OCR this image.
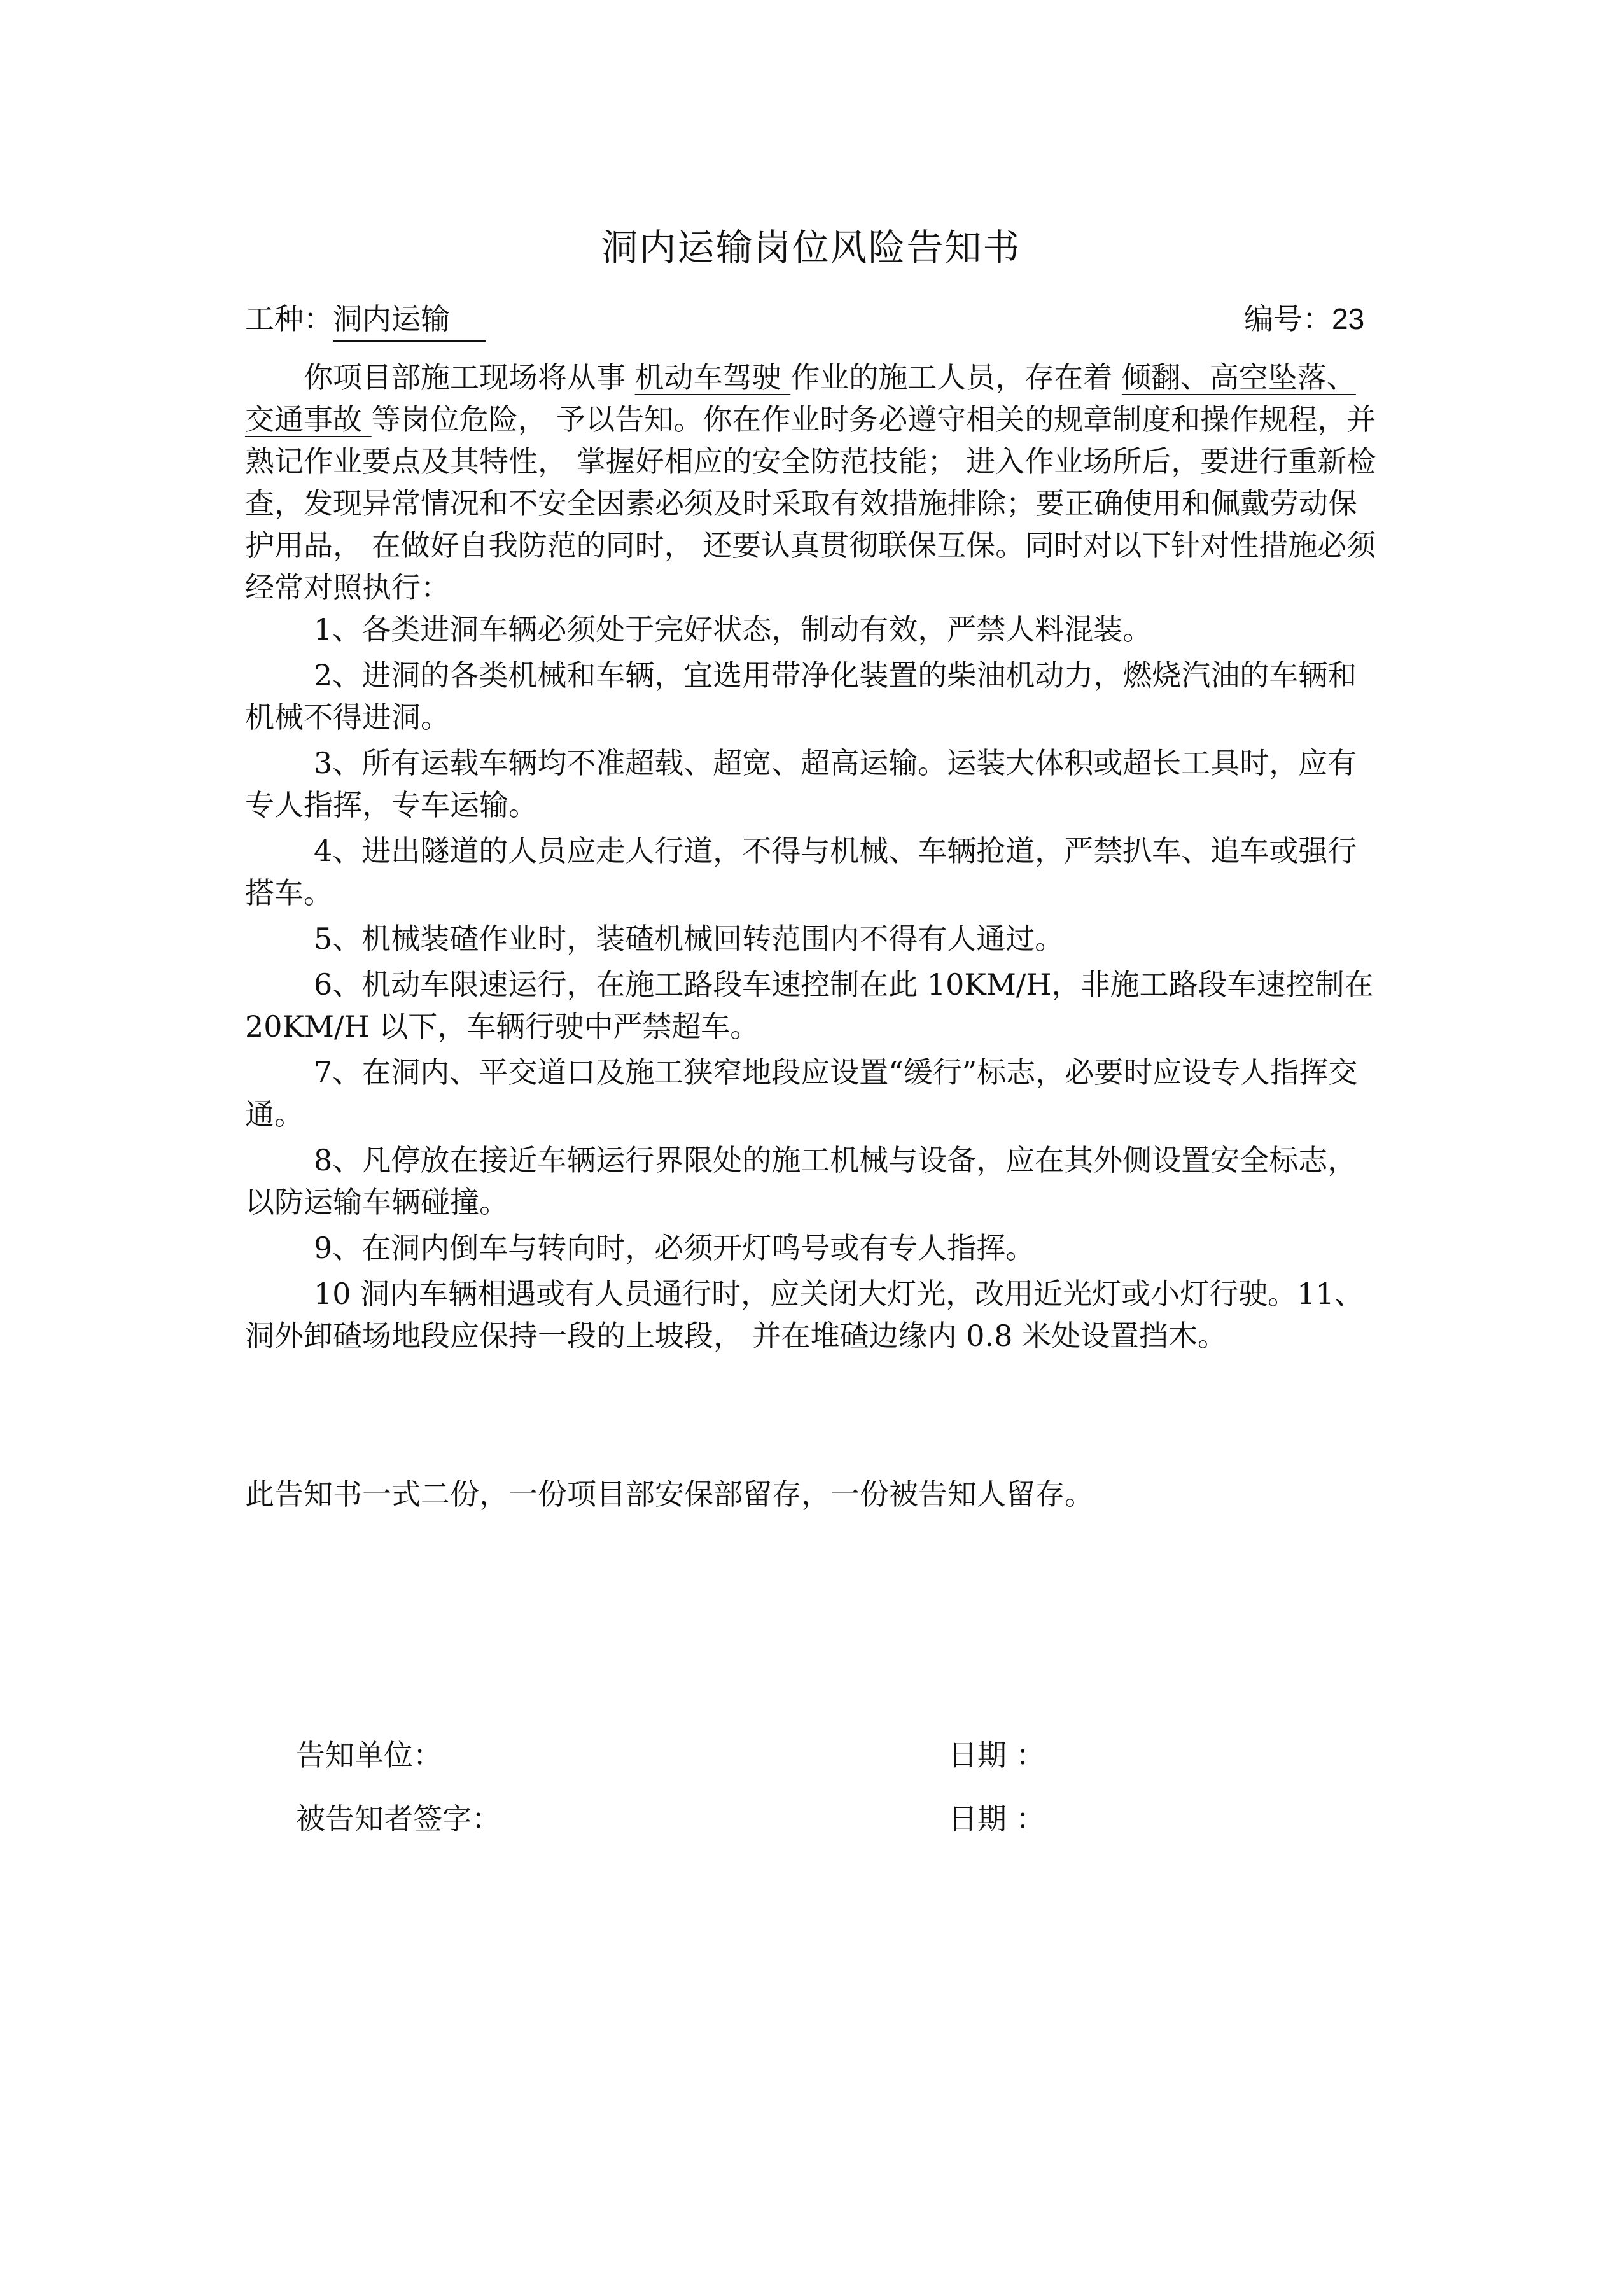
洞内运输岗位风险告知书
工种：洞内运输	编号：23

你项目部施工现场将从事 机动车驾驶 作业的施工人员，存在着 倾翻、高空坠落、交通事故 等岗位危险， 予以告知。你在作业时务必遵守相关的规章制度和操作规程，并熟记作业要点及其特性， 掌握好相应的安全防范技能； 进入作业场所后，要进行重新检查，发现异常情况和不安全因素必须及时采取有效措施排除；要正确使用和佩戴劳动保护用品， 在做好自我防范的同时， 还要认真贯彻联保互保。同时对以下针对性措施必须经常对照执行：

1、各类进洞车辆必须处于完好状态，制动有效，严禁人料混装。

2、进洞的各类机械和车辆，宜选用带净化装置的柴油机动力，燃烧汽油的车辆和机械不得进洞。

3、所有运载车辆均不准超载、超宽、超高运输。运装大体积或超长工具时，应有专人指挥，专车运输。

4、进出隧道的人员应走人行道，不得与机械、车辆抢道，严禁扒车、追车或强行搭车。

5、机械装碴作业时，装碴机械回转范围内不得有人通过。

6、机动车限速运行，在施工路段车速控制在此 10KM/H，非施工路段车速控制在 20KM/H 以下，车辆行驶中严禁超车。

7、在洞内、平交道口及施工狭窄地段应设置“缓行”标志，必要时应设专人指挥交通。

8、凡停放在接近车辆运行界限处的施工机械与设备，应在其外侧设置安全标志，以防运输车辆碰撞。

9、在洞内倒车与转向时，必须开灯鸣号或有专人指挥。

10 洞内车辆相遇或有人员通行时，应关闭大灯光，改用近光灯或小灯行驶。11、 洞外卸碴场地段应保持一段的上坡段， 并在堆碴边缘内 0.8 米处设置挡木。

此告知书一式二份，一份项目部安保部留存，一份被告知人留存。
告知单位：	日期 ：
被告知者签字：	日期 ：
